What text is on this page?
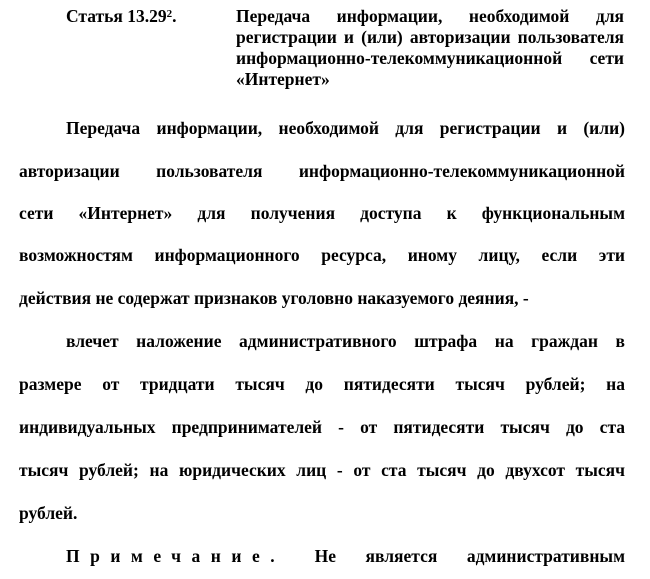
Статья 13.29$^2$.	Передача информации, необходимой для регистрации и (или) авторизации пользователя информационно-телекоммуникационной сети «Интернет»
Передача информации, необходимой для регистрации и (или)
авторизации пользователя информационно-телекоммуникационной
сети «Интернет» для получения доступа к функциональным
возможностям информационного ресурса, иному лицу, если эти
действия не содержат признаков уголовно наказуемого деяния, -
влечет наложение административного штрафа на граждан в
размере от тридцати тысяч до пятидесяти тысяч рублей; на
индивидуальных предпринимателей - от пятидесяти тысяч до ста
тысяч рублей; на юридических лиц - от ста тысяч до двухсот тысяч
рублей.
Примечание. Не является административным
